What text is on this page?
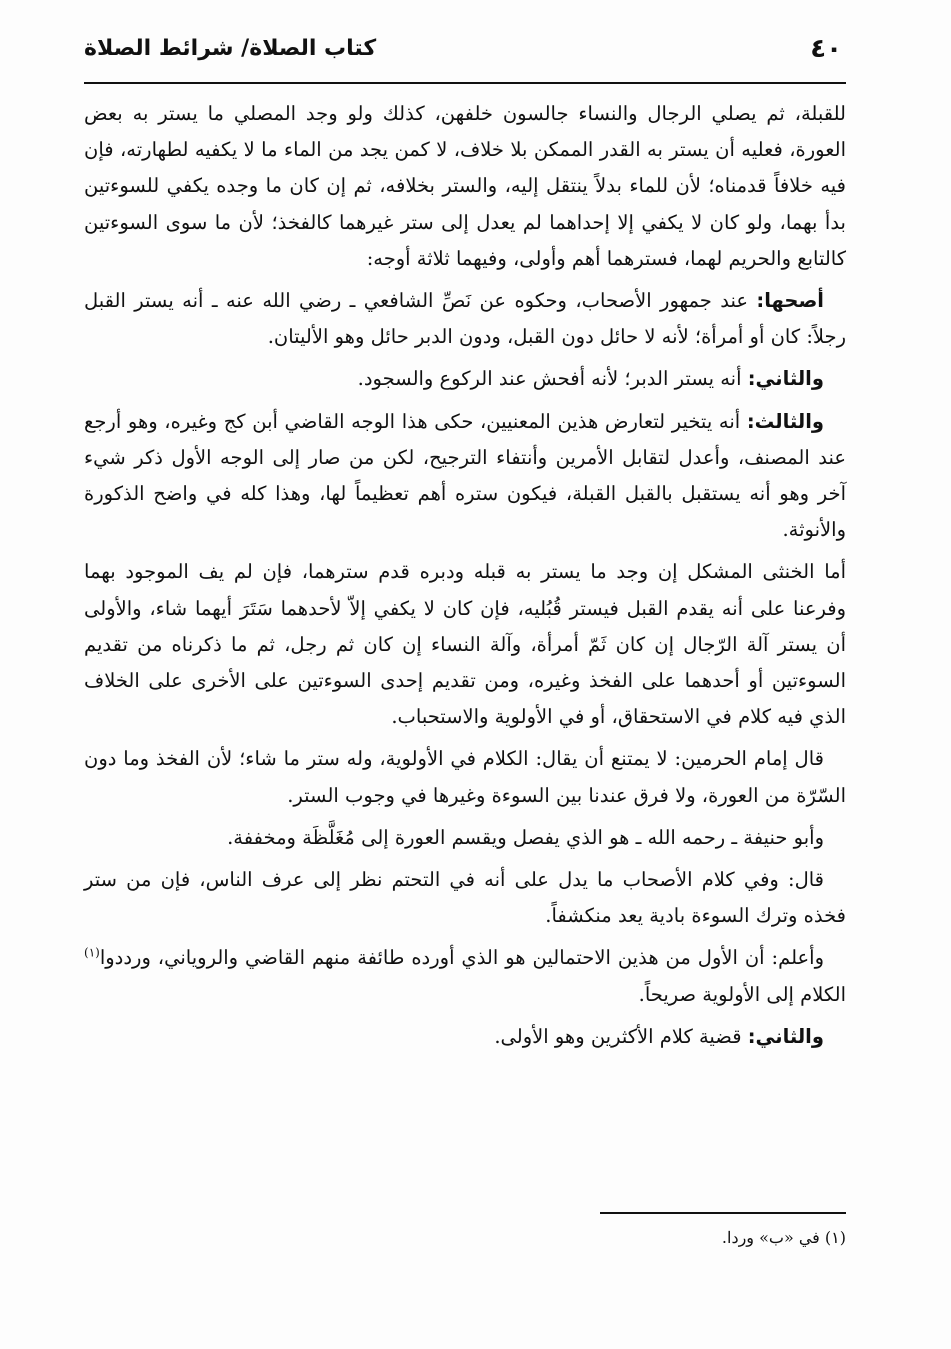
٤٠
كتاب الصلاة/ شرائط الصلاة

للقبلة، ثم يصلي الرجال والنساء جالسون خلفهن، كذلك ولو وجد المصلي ما يستر به بعض العورة، فعليه أن يستر به القدر الممكن بلا خلاف، لا كمن يجد من الماء ما لا يكفيه لطهارته، فإن فيه خلافاً قدمناه؛ لأن للماء بدلاً ينتقل إليه، والستر بخلافه، ثم إن كان ما وجده يكفي للسوءتين بدأ بهما، ولو كان لا يكفي إلا إحداهما لم يعدل إلى ستر غيرهما كالفخذ؛ لأن ما سوى السوءتين كالتابع والحريم لهما، فسترهما أهم وأولى، وفيهما ثلاثة أوجه:

أصحها: عند جمهور الأصحاب، وحكوه عن نَصِّ الشافعي ـ رضي الله عنه ـ أنه يستر القبل رجلاً: كان أو أمرأة؛ لأنه لا حائل دون القبل، ودون الدبر حائل وهو الأليتان.

والثاني: أنه يستر الدبر؛ لأنه أفحش عند الركوع والسجود.

والثالث: أنه يتخير لتعارض هذين المعنيين، حكى هذا الوجه القاضي أبن كج وغيره، وهو أرجع عند المصنف، وأعدل لتقابل الأمرين وأنتفاء الترجيح، لكن من صار إلى الوجه الأول ذكر شيء آخر وهو أنه يستقبل بالقبل القبلة، فيكون ستره أهم تعظيماً لها، وهذا كله في واضح الذكورة والأنوثة.

أما الخنثى المشكل إن وجد ما يستر به قبله ودبره قدم سترهما، فإن لم يف الموجود بهما وفرعنا على أنه يقدم القبل فيستر قُبُليه، فإن كان لا يكفي إلاّ لأحدهما سَتَرَ أيهما شاء، والأولى أن يستر آلة الرّجال إن كان ثَمّ أمرأة، وآلة النساء إن كان ثم رجل، ثم ما ذكرناه من تقديم السوءتين أو أحدهما على الفخذ وغيره، ومن تقديم إحدى السوءتين على الأخرى على الخلاف الذي فيه كلام في الاستحقاق، أو في الأولوية والاستحباب.

قال إمام الحرمين: لا يمتنع أن يقال: الكلام في الأولوية، وله ستر ما شاء؛ لأن الفخذ وما دون السّرّة من العورة، ولا فرق عندنا بين السوءة وغيرها في وجوب الستر.

وأبو حنيفة ـ رحمه الله ـ هو الذي يفصل ويقسم العورة إلى مُغَلَّظَة ومخففة.

قال: وفي كلام الأصحاب ما يدل على أنه في التحتم نظر إلى عرف الناس، فإن من ستر فخذه وترك السوءة بادية يعد منكشفاً.

وأعلم: أن الأول من هذين الاحتمالين هو الذي أورده طائفة منهم القاضي والروياني، ورددوا$^{(١)}$ الكلام إلى الأولوية صريحاً.

والثاني: قضية كلام الأكثرين وهو الأولى.

(١) في «ب» وردا.
